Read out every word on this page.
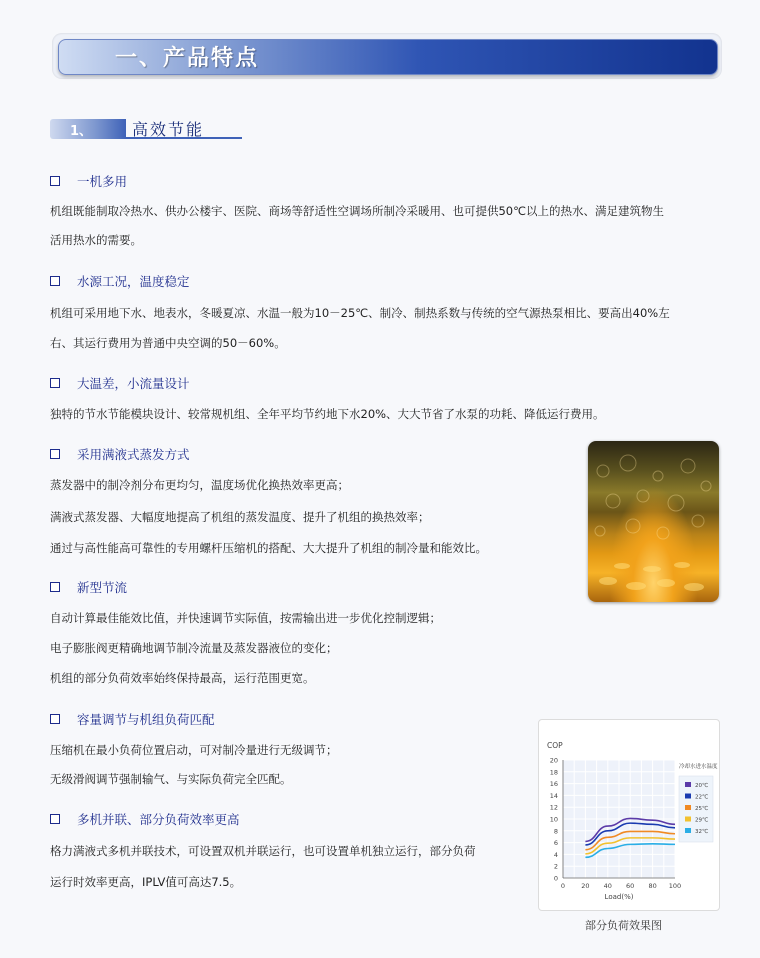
一、产品特点
1、 高效节能
一机多用
机组既能制取冷热水、供办公楼宇、医院、商场等舒适性空调场所制冷采暖用、也可提供50℃以上的热水、满足建筑物生
活用热水的需要。
水源工况，温度稳定
机组可采用地下水、地表水，冬暖夏凉、水温一般为10－25℃、制冷、制热系数与传统的空气源热泵相比、要高出40%左
右、其运行费用为普通中央空调的50－60%。
大温差，小流量设计
独特的节水节能模块设计、较常规机组、全年平均节约地下水20%、大大节省了水泵的功耗、降低运行费用。
采用满液式蒸发方式
蒸发器中的制冷剂分布更均匀，温度场优化换热效率更高；
满液式蒸发器、大幅度地提高了机组的蒸发温度、提升了机组的换热效率；
通过与高性能高可靠性的专用螺杆压缩机的搭配、大大提升了机组的制冷量和能效比。
新型节流
自动计算最佳能效比值，并快速调节实际值，按需输出进一步优化控制逻辑；
电子膨胀阀更精确地调节制冷流量及蒸发器液位的变化；
机组的部分负荷效率始终保持最高，运行范围更宽。
容量调节与机组负荷匹配
压缩机在最小负荷位置启动，可对制冷量进行无级调节；
无级滑阀调节强制输气、与实际负荷完全匹配。
多机并联、部分负荷效率更高
格力满液式多机并联技术，可设置双机并联运行，也可设置单机独立运行，部分负荷
运行时效率更高，IPLV值可高达7.5。	0
2
4
6
8
10
12
14
16
18
20
0 20 40 60 80 100
COP
Load(%)
冷却水进水温度
20℃
22℃
25℃
29℃
32℃
部分负荷效果图
